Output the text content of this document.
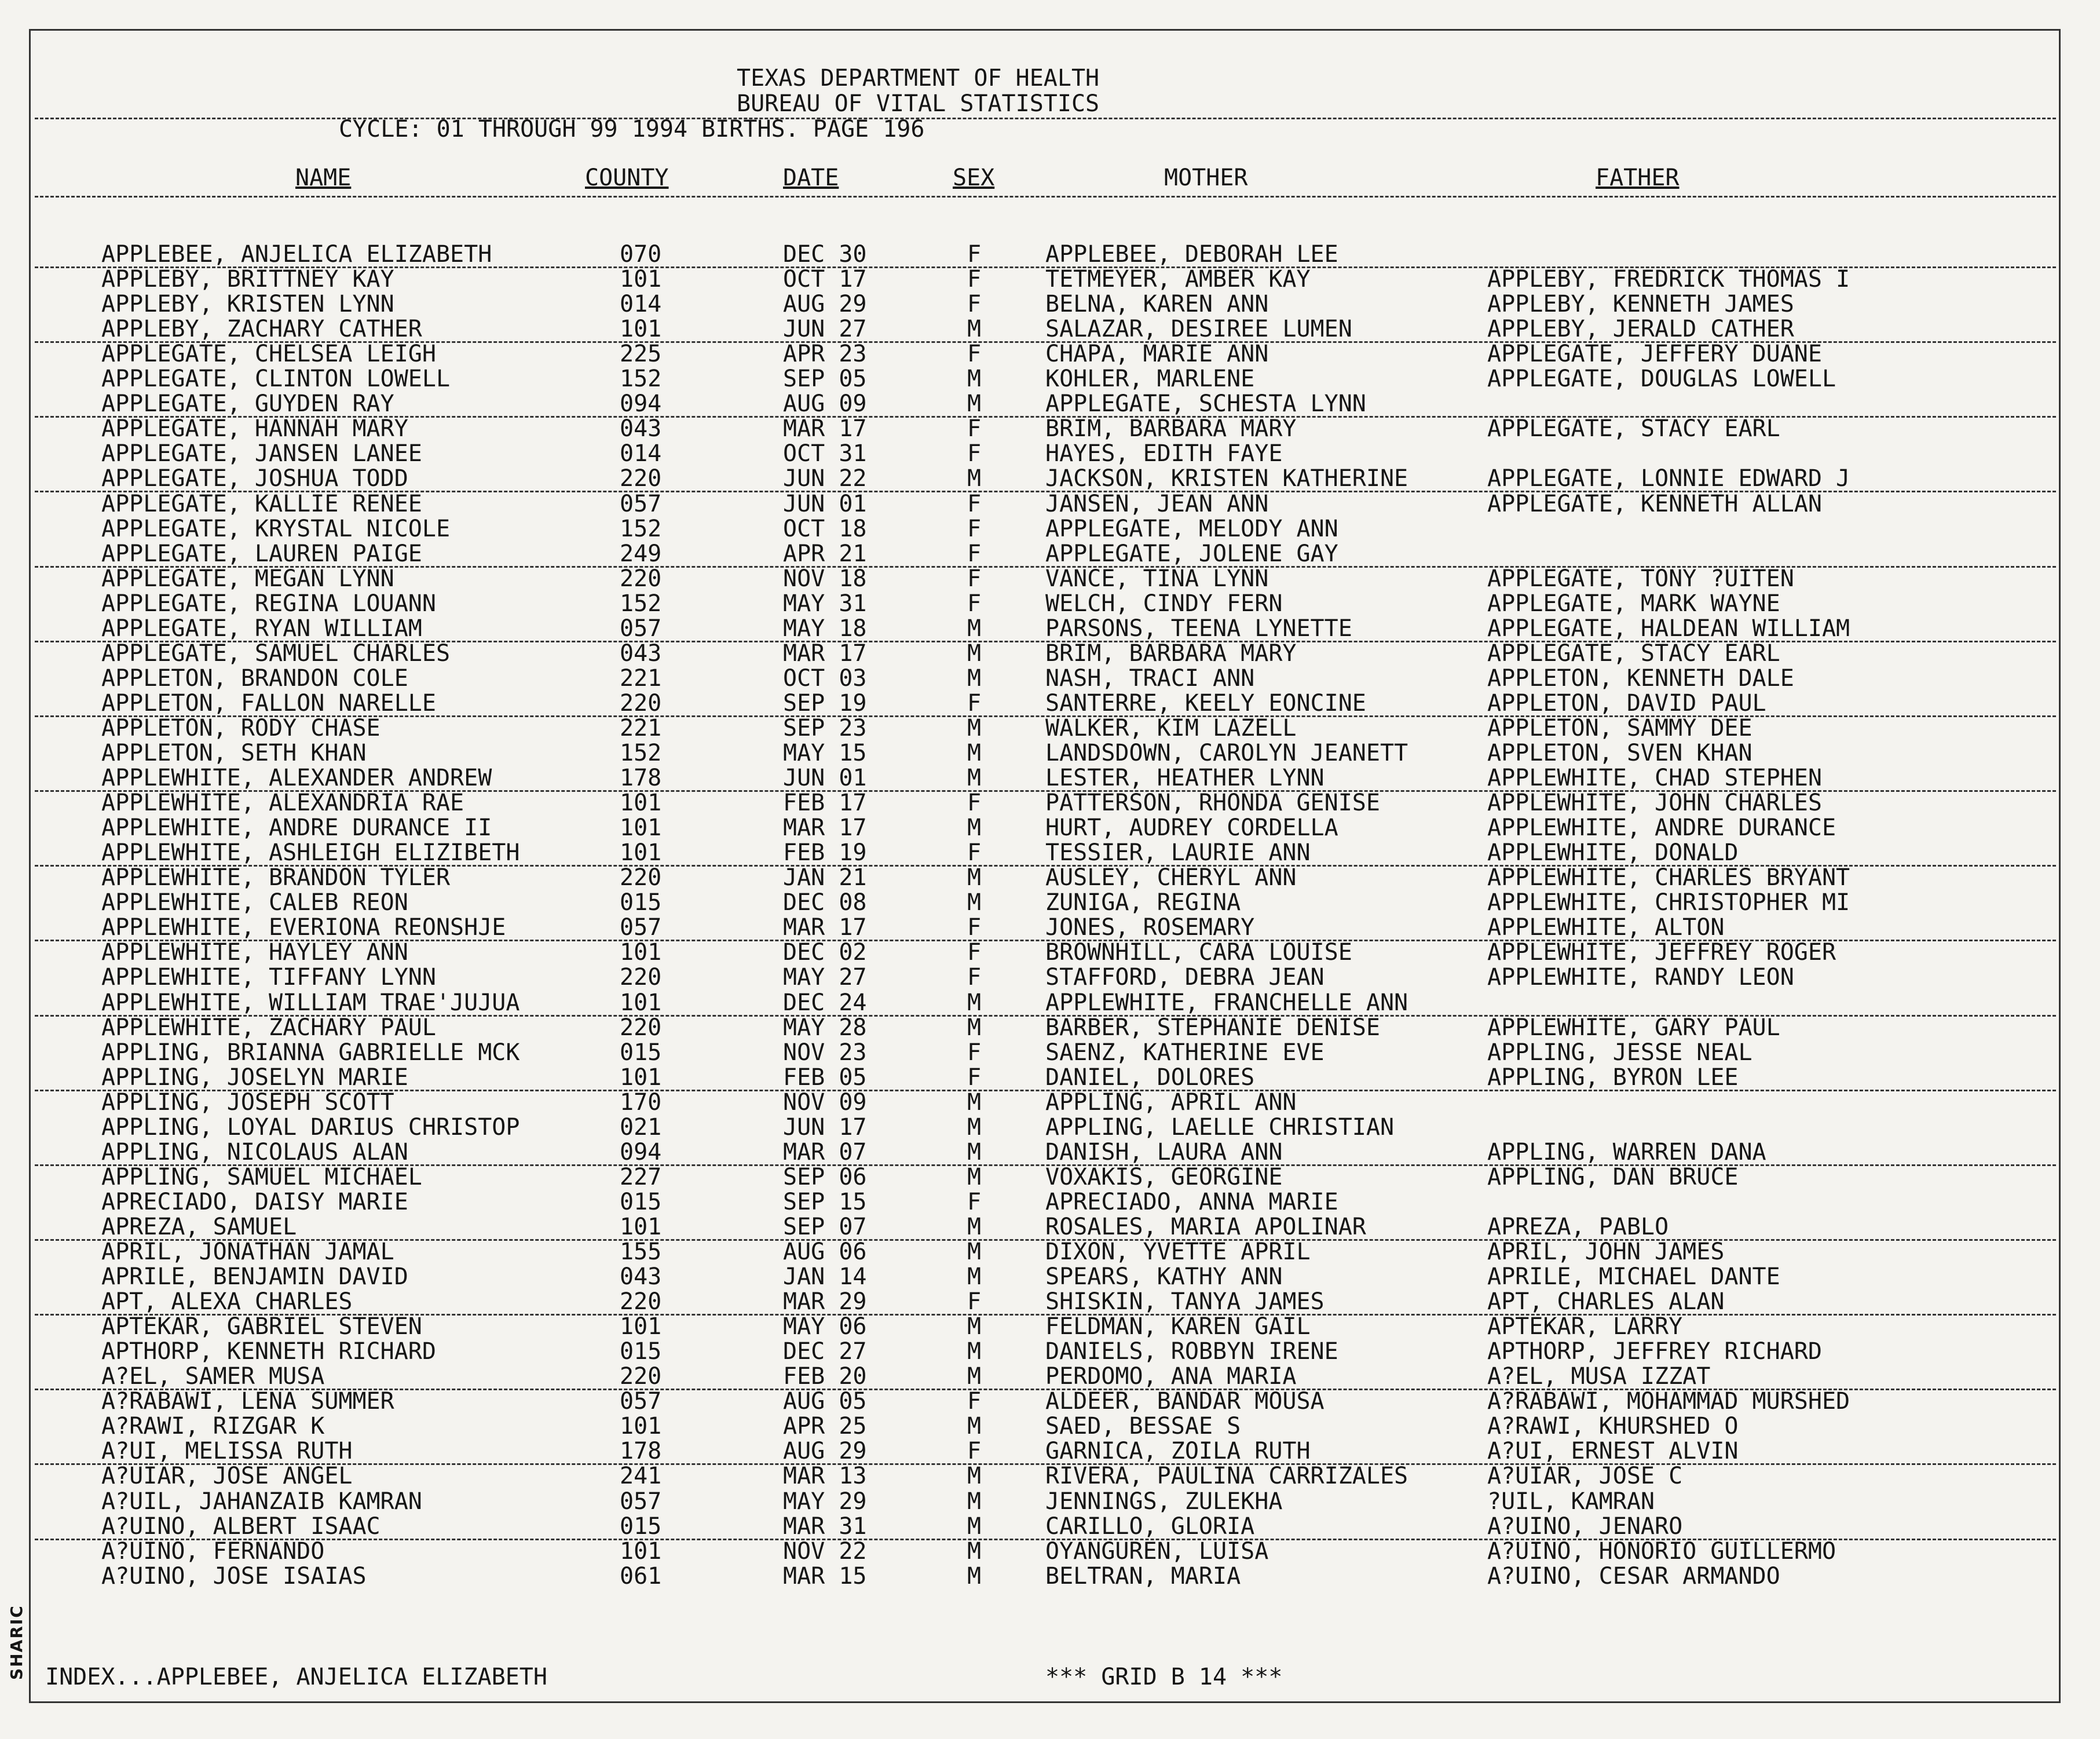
SHARIC
TEXAS DEPARTMENT OF HEALTH
BUREAU OF VITAL STATISTICS
CYCLE: 01 THROUGH 99 1994 BIRTHS. PAGE 196
NAME	COUNTY	DATE	SEX	MOTHER	FATHER
APPLEBEE, ANJELICA ELIZABETH	070	DEC 30	F	APPLEBEE, DEBORAH LEE
APPLEBY, BRITTNEY KAY	101	OCT 17	F	TETMEYER, AMBER KAY	APPLEBY, FREDRICK THOMAS I
APPLEBY, KRISTEN LYNN	014	AUG 29	F	BELNA, KAREN ANN	APPLEBY, KENNETH JAMES
APPLEBY, ZACHARY CATHER	101	JUN 27	M	SALAZAR, DESIREE LUMEN	APPLEBY, JERALD CATHER
APPLEGATE, CHELSEA LEIGH	225	APR 23	F	CHAPA, MARIE ANN	APPLEGATE, JEFFERY DUANE
APPLEGATE, CLINTON LOWELL	152	SEP 05	M	KOHLER, MARLENE	APPLEGATE, DOUGLAS LOWELL
APPLEGATE, GUYDEN RAY	094	AUG 09	M	APPLEGATE, SCHESTA LYNN
APPLEGATE, HANNAH MARY	043	MAR 17	F	BRIM, BARBARA MARY	APPLEGATE, STACY EARL
APPLEGATE, JANSEN LANEE	014	OCT 31	F	HAYES, EDITH FAYE
APPLEGATE, JOSHUA TODD	220	JUN 22	M	JACKSON, KRISTEN KATHERINE	APPLEGATE, LONNIE EDWARD J
APPLEGATE, KALLIE RENEE	057	JUN 01	F	JANSEN, JEAN ANN	APPLEGATE, KENNETH ALLAN
APPLEGATE, KRYSTAL NICOLE	152	OCT 18	F	APPLEGATE, MELODY ANN
APPLEGATE, LAUREN PAIGE	249	APR 21	F	APPLEGATE, JOLENE GAY
APPLEGATE, MEGAN LYNN	220	NOV 18	F	VANCE, TINA LYNN	APPLEGATE, TONY ?UITEN
APPLEGATE, REGINA LOUANN	152	MAY 31	F	WELCH, CINDY FERN	APPLEGATE, MARK WAYNE
APPLEGATE, RYAN WILLIAM	057	MAY 18	M	PARSONS, TEENA LYNETTE	APPLEGATE, HALDEAN WILLIAM
APPLEGATE, SAMUEL CHARLES	043	MAR 17	M	BRIM, BARBARA MARY	APPLEGATE, STACY EARL
APPLETON, BRANDON COLE	221	OCT 03	M	NASH, TRACI ANN	APPLETON, KENNETH DALE
APPLETON, FALLON NARELLE	220	SEP 19	F	SANTERRE, KEELY EONCINE	APPLETON, DAVID PAUL
APPLETON, RODY CHASE	221	SEP 23	M	WALKER, KIM LAZELL	APPLETON, SAMMY DEE
APPLETON, SETH KHAN	152	MAY 15	M	LANDSDOWN, CAROLYN JEANETT	APPLETON, SVEN KHAN
APPLEWHITE, ALEXANDER ANDREW	178	JUN 01	M	LESTER, HEATHER LYNN	APPLEWHITE, CHAD STEPHEN
APPLEWHITE, ALEXANDRIA RAE	101	FEB 17	F	PATTERSON, RHONDA GENISE	APPLEWHITE, JOHN CHARLES
APPLEWHITE, ANDRE DURANCE II	101	MAR 17	M	HURT, AUDREY CORDELLA	APPLEWHITE, ANDRE DURANCE
APPLEWHITE, ASHLEIGH ELIZIBETH	101	FEB 19	F	TESSIER, LAURIE ANN	APPLEWHITE, DONALD
APPLEWHITE, BRANDON TYLER	220	JAN 21	M	AUSLEY, CHERYL ANN	APPLEWHITE, CHARLES BRYANT
APPLEWHITE, CALEB REON	015	DEC 08	M	ZUNIGA, REGINA	APPLEWHITE, CHRISTOPHER MI
APPLEWHITE, EVERIONA REONSHJE	057	MAR 17	F	JONES, ROSEMARY	APPLEWHITE, ALTON
APPLEWHITE, HAYLEY ANN	101	DEC 02	F	BROWNHILL, CARA LOUISE	APPLEWHITE, JEFFREY ROGER
APPLEWHITE, TIFFANY LYNN	220	MAY 27	F	STAFFORD, DEBRA JEAN	APPLEWHITE, RANDY LEON
APPLEWHITE, WILLIAM TRAE'JUJUA	101	DEC 24	M	APPLEWHITE, FRANCHELLE ANN
APPLEWHITE, ZACHARY PAUL	220	MAY 28	M	BARBER, STEPHANIE DENISE	APPLEWHITE, GARY PAUL
APPLING, BRIANNA GABRIELLE MCK	015	NOV 23	F	SAENZ, KATHERINE EVE	APPLING, JESSE NEAL
APPLING, JOSELYN MARIE	101	FEB 05	F	DANIEL, DOLORES	APPLING, BYRON LEE
APPLING, JOSEPH SCOTT	170	NOV 09	M	APPLING, APRIL ANN
APPLING, LOYAL DARIUS CHRISTOP	021	JUN 17	M	APPLING, LAELLE CHRISTIAN
APPLING, NICOLAUS ALAN	094	MAR 07	M	DANISH, LAURA ANN	APPLING, WARREN DANA
APPLING, SAMUEL MICHAEL	227	SEP 06	M	VOXAKIS, GEORGINE	APPLING, DAN BRUCE
APRECIADO, DAISY MARIE	015	SEP 15	F	APRECIADO, ANNA MARIE
APREZA, SAMUEL	101	SEP 07	M	ROSALES, MARIA APOLINAR	APREZA, PABLO
APRIL, JONATHAN JAMAL	155	AUG 06	M	DIXON, YVETTE APRIL	APRIL, JOHN JAMES
APRILE, BENJAMIN DAVID	043	JAN 14	M	SPEARS, KATHY ANN	APRILE, MICHAEL DANTE
APT, ALEXA CHARLES	220	MAR 29	F	SHISKIN, TANYA JAMES	APT, CHARLES ALAN
APTEKAR, GABRIEL STEVEN	101	MAY 06	M	FELDMAN, KAREN GAIL	APTEKAR, LARRY
APTHORP, KENNETH RICHARD	015	DEC 27	M	DANIELS, ROBBYN IRENE	APTHORP, JEFFREY RICHARD
A?EL, SAMER MUSA	220	FEB 20	M	PERDOMO, ANA MARIA	A?EL, MUSA IZZAT
A?RABAWI, LENA SUMMER	057	AUG 05	F	ALDEER, BANDAR MOUSA	A?RABAWI, MOHAMMAD MURSHED
A?RAWI, RIZGAR K	101	APR 25	M	SAED, BESSAE S	A?RAWI, KHURSHED O
A?UI, MELISSA RUTH	178	AUG 29	F	GARNICA, ZOILA RUTH	A?UI, ERNEST ALVIN
A?UIAR, JOSE ANGEL	241	MAR 13	M	RIVERA, PAULINA CARRIZALES	A?UIAR, JOSE C
A?UIL, JAHANZAIB KAMRAN	057	MAY 29	M	JENNINGS, ZULEKHA	?UIL, KAMRAN
A?UINO, ALBERT ISAAC	015	MAR 31	M	CARILLO, GLORIA	A?UINO, JENARO
A?UINO, FERNANDO	101	NOV 22	M	OYANGUREN, LUISA	A?UINO, HONORIO GUILLERMO
A?UINO, JOSE ISAIAS	061	MAR 15	M	BELTRAN, MARIA	A?UINO, CESAR ARMANDO
INDEX...APPLEBEE, ANJELICA ELIZABETH	*** GRID B 14 ***
